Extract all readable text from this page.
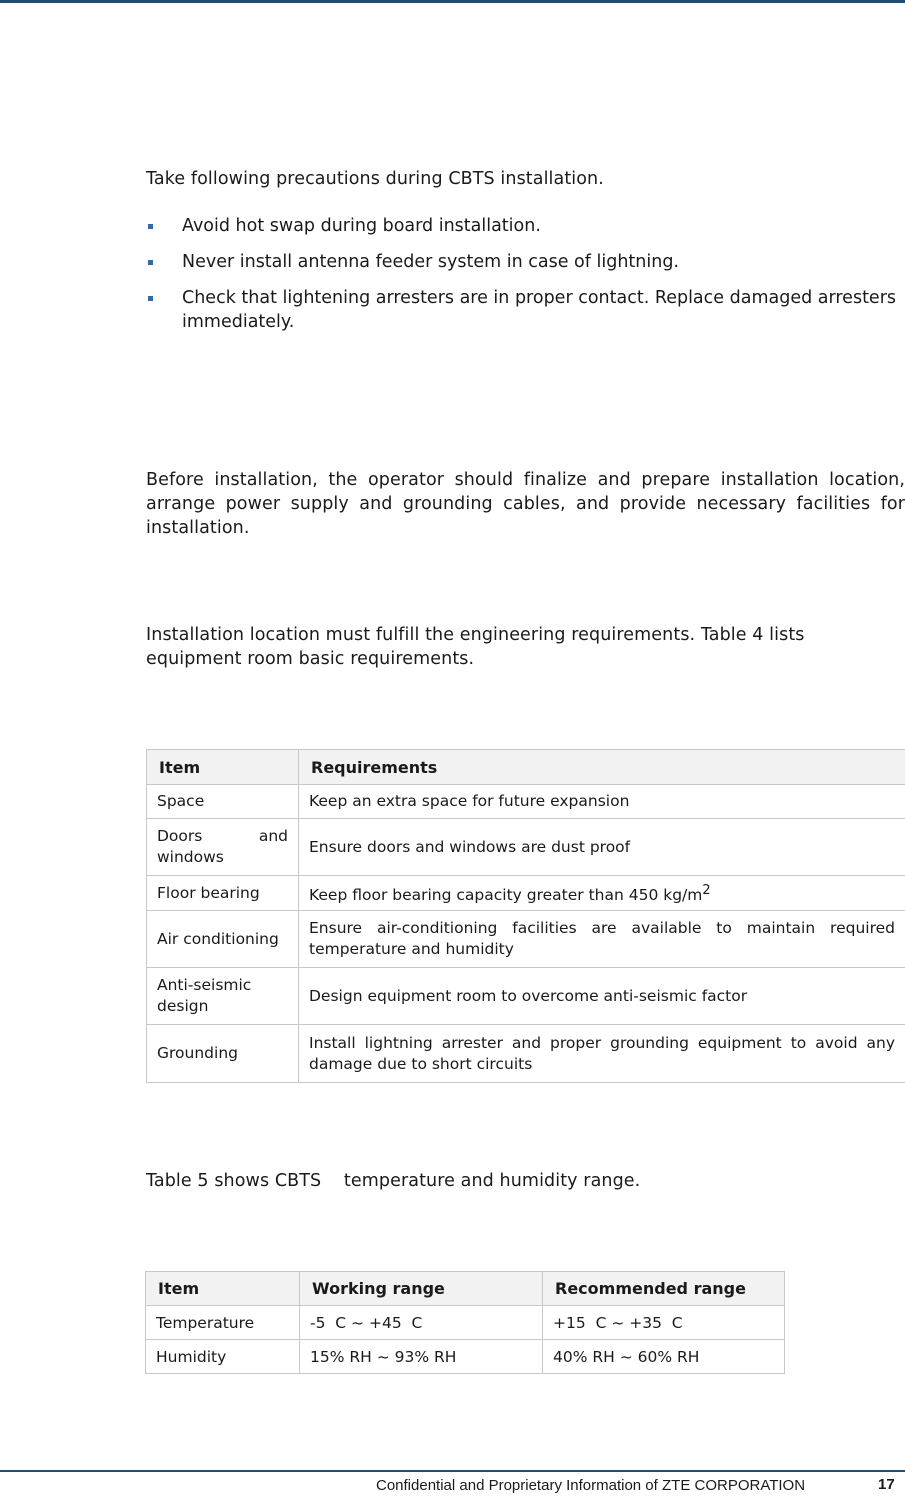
Take following precautions during CBTS installation.

Avoid hot swap during board installation.
Never install antenna feeder system in case of lightning.
Check that lightening arresters are in proper contact. Replace damaged arresters immediately.

Before installation, the operator should finalize and prepare installation location, arrange power supply and grounding cables, and provide necessary facilities for installation.

Installation location must fulfill the engineering requirements. Table 4 lists equipment room basic requirements.

Item	Requirements
Space	Keep an extra space for future expansion
Doors and windows	Ensure doors and windows are dust proof
Floor bearing	Keep floor bearing capacity greater than 450 $kg/m^2$
Air conditioning	Ensure air-conditioning facilities are available to maintain required temperature and humidity
Anti-seismic design	Design equipment room to overcome anti-seismic factor
Grounding	Install lightning arrester and proper grounding equipment to avoid any damage due to short circuits

Table 5 shows CBTS    temperature and humidity range.

Item	Working range	Recommended range
Temperature	-5  C ~ +45  C	+15  C ~ +35  C
Humidity	15% RH ~ 93% RH	40% RH ~ 60% RH
Confidential and Proprietary Information of ZTE CORPORATION	17
